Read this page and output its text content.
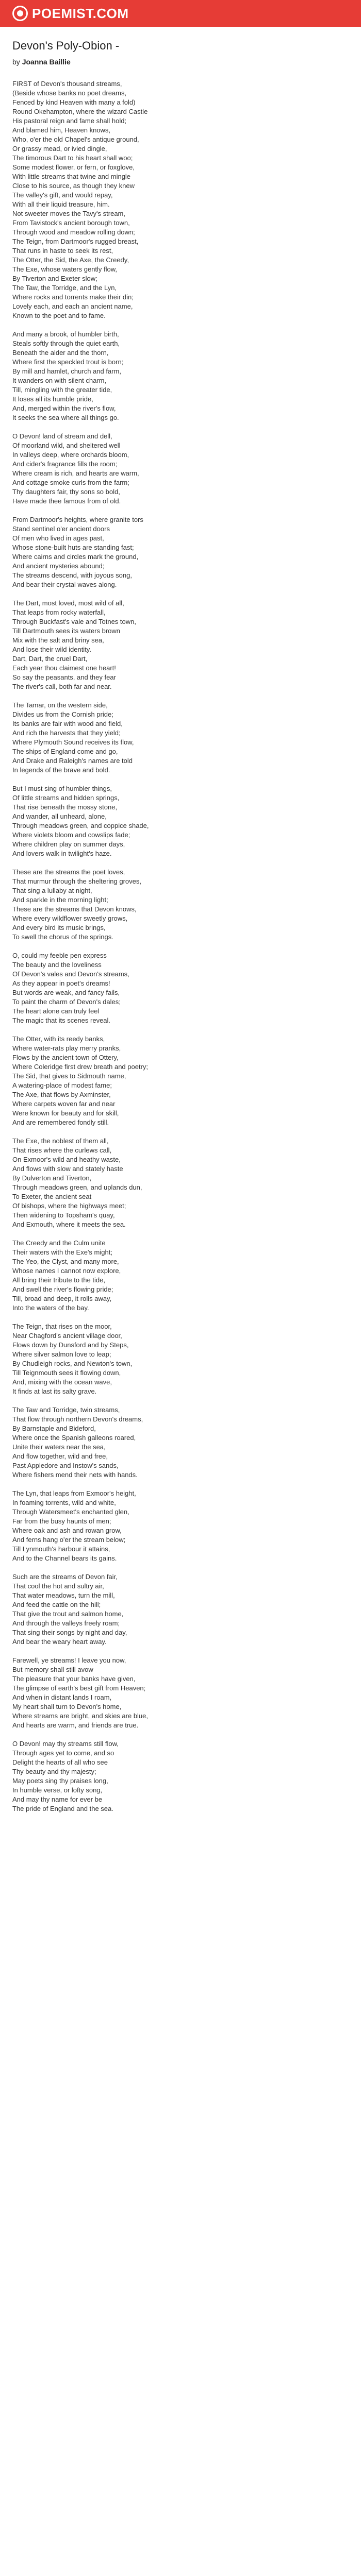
POEMIST.COM
Devon's Poly-Obion -
by Joanna Baillie
FIRST of Devon's thousand streams,
(Beside whose banks no poet dreams,
Fenced by kind Heaven with many a fold)
Round Okehampton, where the wizard Castle
His pastoral reign and fame shall hold;
And blamed him, Heaven knows,
Who, o'er the old Chapel's antique ground,
Or grassy mead, or ivied dingle,
The timorous Dart to his heart shall woo;
Some modest flower, or fern, or foxglove,
With little streams that twine and mingle
Close to his source, as though they knew
The valley's gift, and would repay,
With all their liquid treasure, him.
Not sweeter moves the Tavy's stream,
From Tavistock's ancient borough town,
Through wood and meadow rolling down;
The Teign, from Dartmoor's rugged breast,
That runs in haste to seek its rest,
The Otter, the Sid, the Axe, the Creedy,
The Exe, whose waters gently flow,
By Tiverton and Exeter slow;
The Taw, the Torridge, and the Lyn,
Where rocks and torrents make their din;
Lovely each, and each an ancient name,
Known to the poet and to fame.
And many a brook, of humbler birth,
Steals softly through the quiet earth,
Beneath the alder and the thorn,
Where first the speckled trout is born;
By mill and hamlet, church and farm,
It wanders on with silent charm,
Till, mingling with the greater tide,
It loses all its humble pride,
And, merged within the river's flow,
It seeks the sea where all things go.
O Devon! land of stream and dell,
Of moorland wild, and sheltered well
In valleys deep, where orchards bloom,
And cider's fragrance fills the room;
Where cream is rich, and hearts are warm,
And cottage smoke curls from the farm;
Thy daughters fair, thy sons so bold,
Have made thee famous from of old.
From Dartmoor's heights, where granite tors
Stand sentinel o'er ancient doors
Of men who lived in ages past,
Whose stone-built huts are standing fast;
Where cairns and circles mark the ground,
And ancient mysteries abound;
The streams descend, with joyous song,
And bear their crystal waves along.
The Dart, most loved, most wild of all,
That leaps from rocky waterfall,
Through Buckfast's vale and Totnes town,
Till Dartmouth sees its waters brown
Mix with the salt and briny sea,
And lose their wild identity.
Dart, Dart, the cruel Dart,
Each year thou claimest one heart!
So say the peasants, and they fear
The river's call, both far and near.
The Tamar, on the western side,
Divides us from the Cornish pride;
Its banks are fair with wood and field,
And rich the harvests that they yield;
Where Plymouth Sound receives its flow,
The ships of England come and go,
And Drake and Raleigh's names are told
In legends of the brave and bold.
But I must sing of humbler things,
Of little streams and hidden springs,
That rise beneath the mossy stone,
And wander, all unheard, alone,
Through meadows green, and coppice shade,
Where violets bloom and cowslips fade;
Where children play on summer days,
And lovers walk in twilight's haze.
These are the streams the poet loves,
That murmur through the sheltering groves,
That sing a lullaby at night,
And sparkle in the morning light;
These are the streams that Devon knows,
Where every wildflower sweetly grows,
And every bird its music brings,
To swell the chorus of the springs.
O, could my feeble pen express
The beauty and the loveliness
Of Devon's vales and Devon's streams,
As they appear in poet's dreams!
But words are weak, and fancy fails,
To paint the charm of Devon's dales;
The heart alone can truly feel
The magic that its scenes reveal.
The Otter, with its reedy banks,
Where water-rats play merry pranks,
Flows by the ancient town of Ottery,
Where Coleridge first drew breath and poetry;
The Sid, that gives to Sidmouth name,
A watering-place of modest fame;
The Axe, that flows by Axminster,
Where carpets woven far and near
Were known for beauty and for skill,
And are remembered fondly still.
The Exe, the noblest of them all,
That rises where the curlews call,
On Exmoor's wild and heathy waste,
And flows with slow and stately haste
By Dulverton and Tiverton,
Through meadows green, and uplands dun,
To Exeter, the ancient seat
Of bishops, where the highways meet;
Then widening to Topsham's quay,
And Exmouth, where it meets the sea.
The Creedy and the Culm unite
Their waters with the Exe's might;
The Yeo, the Clyst, and many more,
Whose names I cannot now explore,
All bring their tribute to the tide,
And swell the river's flowing pride;
Till, broad and deep, it rolls away,
Into the waters of the bay.
The Teign, that rises on the moor,
Near Chagford's ancient village door,
Flows down by Dunsford and by Steps,
Where silver salmon love to leap;
By Chudleigh rocks, and Newton's town,
Till Teignmouth sees it flowing down,
And, mixing with the ocean wave,
It finds at last its salty grave.
The Taw and Torridge, twin streams,
That flow through northern Devon's dreams,
By Barnstaple and Bideford,
Where once the Spanish galleons roared,
Unite their waters near the sea,
And flow together, wild and free,
Past Appledore and Instow's sands,
Where fishers mend their nets with hands.
The Lyn, that leaps from Exmoor's height,
In foaming torrents, wild and white,
Through Watersmeet's enchanted glen,
Far from the busy haunts of men;
Where oak and ash and rowan grow,
And ferns hang o'er the stream below;
Till Lynmouth's harbour it attains,
And to the Channel bears its gains.
Such are the streams of Devon fair,
That cool the hot and sultry air,
That water meadows, turn the mill,
And feed the cattle on the hill;
That give the trout and salmon home,
And through the valleys freely roam;
That sing their songs by night and day,
And bear the weary heart away.
Farewell, ye streams! I leave you now,
But memory shall still avow
The pleasure that your banks have given,
The glimpse of earth's best gift from Heaven;
And when in distant lands I roam,
My heart shall turn to Devon's home,
Where streams are bright, and skies are blue,
And hearts are warm, and friends are true.
O Devon! may thy streams still flow,
Through ages yet to come, and so
Delight the hearts of all who see
Thy beauty and thy majesty;
May poets sing thy praises long,
In humble verse, or lofty song,
And may thy name for ever be
The pride of England and the sea.
